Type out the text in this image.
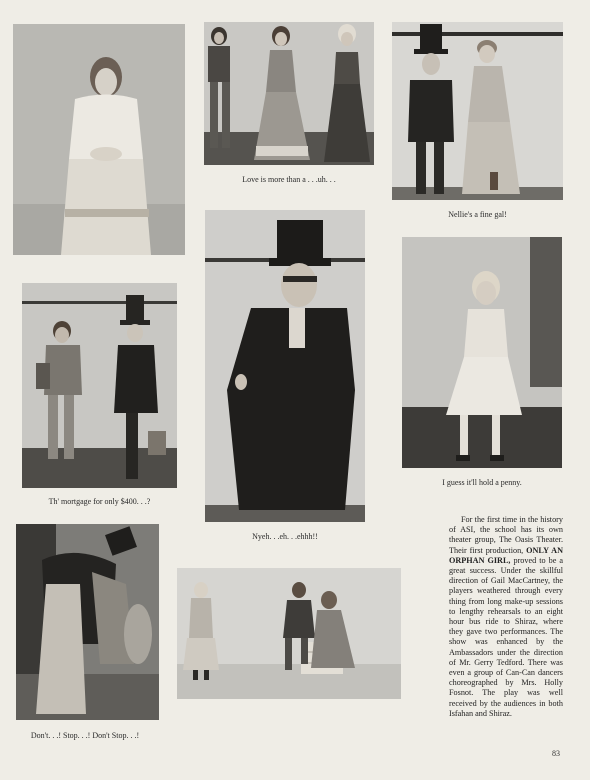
Love is more than a . . .uh. . .
Nellie's a fine gal!
Th' mortgage for only $400. . .?
Nyeh. . .eh. . .ehhh!!
I guess it'll hold a penny.
Don't. . .! Stop. . .! Don't Stop. . .!
For the first time in the history of ASI, the school has its own theater group, The Oasis Theater. Their first production, ONLY AN ORPHAN GIRL, proved to be a great success. Under the skillful direction of Gail MacCartney, the players weathered through every thing from long make-up sessions to lengthy rehearsals to an eight hour bus ride to Shiraz, where they gave two performances. The show was enhanced by the Ambassadors under the direction of Mr. Gerry Tedford. There was even a group of Can-Can dancers choreographed by Mrs. Holly Fosnot. The play was well received by the audiences in both Isfahan and Shiraz.
83
